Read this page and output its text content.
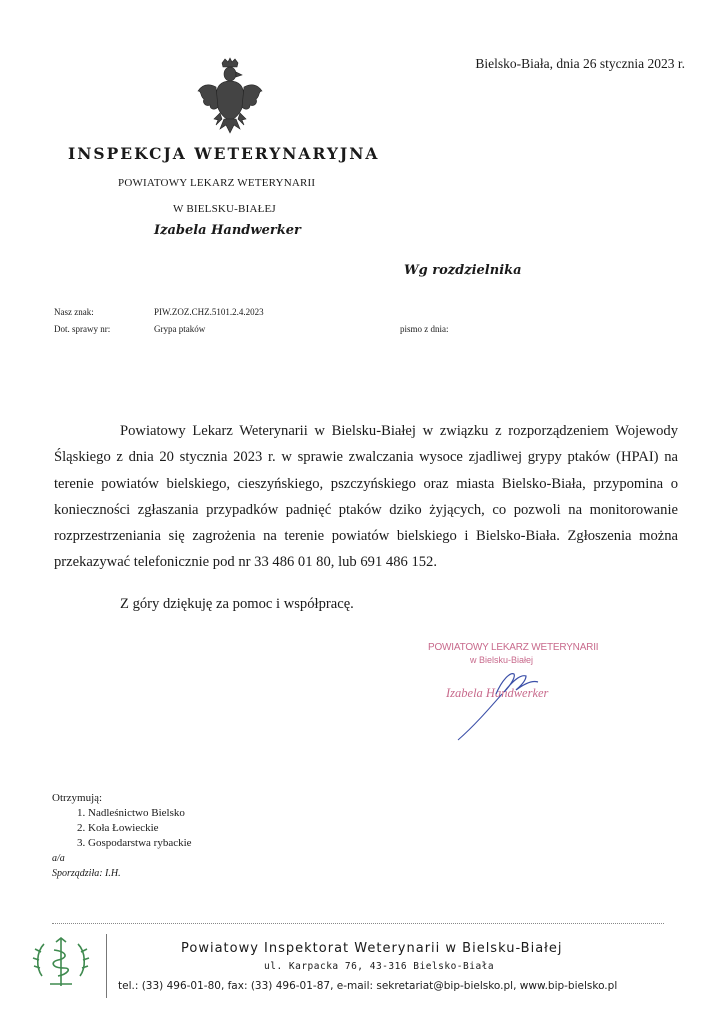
Bielsko-Biała, dnia 26 stycznia 2023 r.
INSPEKCJA WETERYNARYJNA
POWIATOWY LEKARZ WETERYNARII
W BIELSKU-BIAŁEJ
Izabela Handwerker
Wg rozdzielnika
Nasz znak:	PIW.ZOZ.CHZ.5101.2.4.2023
Dot. sprawy nr:	Grypa ptaków	pismo z dnia:

Powiatowy Lekarz Weterynarii w Bielsku-Białej w związku z rozporządzeniem Wojewody Śląskiego z dnia 20 stycznia 2023 r. w sprawie zwalczania wysoce zjadliwej grypy ptaków (HPAI) na terenie powiatów bielskiego, cieszyńskiego, pszczyńskiego oraz miasta Bielsko-Biała, przypomina o konieczności zgłaszania przypadków padnięć ptaków dziko żyjących, co pozwoli na monitorowanie rozprzestrzeniania się zagrożenia na terenie powiatów bielskiego i Bielsko-Biała. Zgłoszenia można przekazywać telefonicznie pod nr 33 486 01 80, lub 691 486 152.

Z góry dziękuję za pomoc i współpracę.
POWIATOWY LEKARZ WETERYNARII
w Bielsku-Białej
Izabela Handwerker
Otrzymują:
1. Nadleśnictwo Bielsko
2. Koła Łowieckie
3. Gospodarstwa rybackie
a/a
Sporządziła: I.H.
Powiatowy Inspektorat Weterynarii w Bielsku-Białej
ul. Karpacka 76, 43-316 Bielsko-Biała
tel.: (33) 496-01-80, fax: (33) 496-01-87, e-mail: sekretariat@bip-bielsko.pl, www.bip-bielsko.pl
